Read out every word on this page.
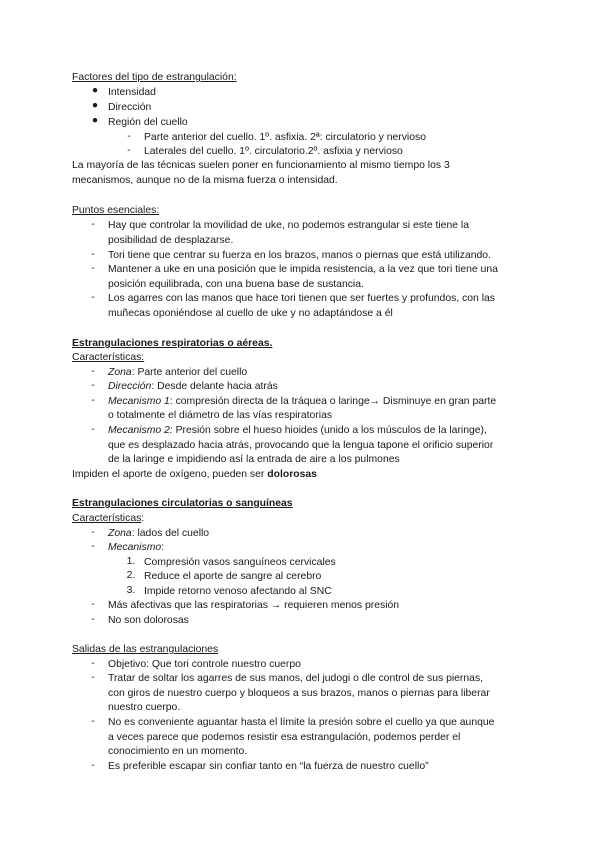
Factores del tipo de estrangulación:
● Intensidad
● Dirección
● Región del cuello
-	Parte anterior del cuello. 1º. asfixia. 2ª: circulatorio y nervioso
-	Laterales del cuello. 1º. circulatorio.2º. asfixia y nervioso
La mayoría de las técnicas suelen poner en funcionamiento al mismo tiempo los 3
mecanismos, aunque no de la misma fuerza o intensidad.
Puntos esenciales:
-	Hay que controlar la movilidad de uke, no podemos estrangular si este tiene la
posibilidad de desplazarse.
-	Tori tiene que centrar su fuerza en los brazos, manos o piernas que está utilizando.
-	Mantener a uke en una posición que le impida resistencia, a la vez que tori tiene una
posición equilibrada, con una buena base de sustancia.
-	Los agarres con las manos que hace tori tienen que ser fuertes y profundos, con las
muñecas oponiéndose al cuello de uke y no adaptándose a él
Estrangulaciones respiratorias o aéreas.
Características:
-	Zona: Parte anterior del cuello
-	Dirección: Desde delante hacia atrás
-	Mecanismo 1: compresión directa de la tráquea o laringe→ Disminuye en gran parte
o totalmente el diámetro de las vías respiratorias
-	Mecanismo 2: Presión sobre el hueso hioides (unido a los músculos de la laringe),
que es desplazado hacia atrás, provocando que la lengua tapone el orificio superior
de la laringe e impidiendo así la entrada de aire a los pulmones
Impiden el aporte de oxígeno, pueden ser dolorosas
Estrangulaciones circulatorias o sanguíneas
Características:
-	Zona: lados del cuello
-	Mecanismo:
1. Compresión vasos sanguíneos cervicales
2. Reduce el aporte de sangre al cerebro
3. Impide retorno venoso afectando al SNC
-	Más afectivas que las respiratorias → requieren menos presión
-	No son dolorosas
Salidas de las estrangulaciones
-	Objetivo: Que tori controle nuestro cuerpo
-	Tratar de soltar los agarres de sus manos, del judogi o dle control de sus piernas,
con giros de nuestro cuerpo y bloqueos a sus brazos, manos o piernas para liberar
nuestro cuerpo.
-	No es conveniente aguantar hasta el límite la presión sobre el cuello ya que aunque
a veces parece que podemos resistir esa estrangulación, podemos perder el
conocimiento en un momento.
-	Es preferible escapar sin confiar tanto en “la fuerza de nuestro cuello”
